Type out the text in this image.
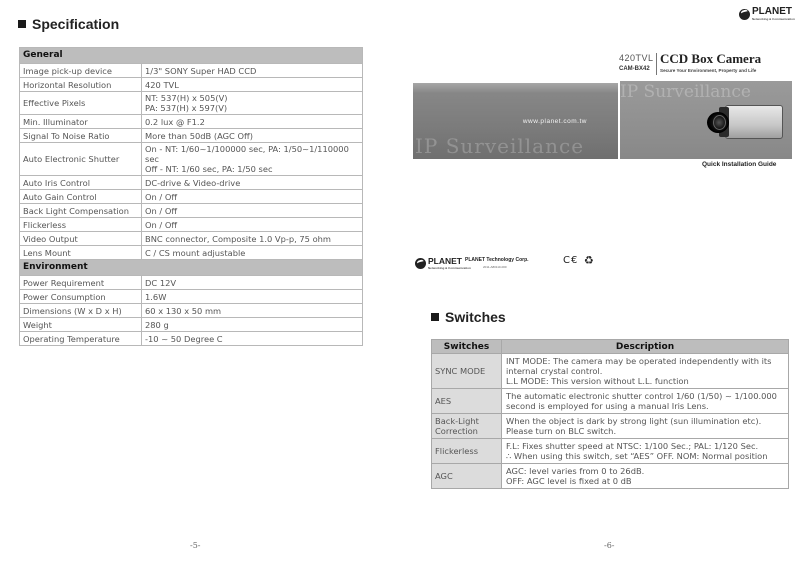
Specification
General	
Image pick-up device	1/3" SONY Super HAD CCD

Horizontal Resolution	420 TVL

Effective Pixels	NT: 537(H) x 505(V)
PA: 537(H) x 597(V)

Min. Illuminator	0.2 lux @ F1.2

Signal To Noise Ratio	More than 50dB (AGC Off)

Auto Electronic Shutter	On - NT: 1/60~1/100000 sec, PA: 1/50~1/110000 sec
Off - NT: 1/60 sec, PA: 1/50 sec

Auto Iris Control	DC-drive & Video-drive

Auto Gain Control	On / Off

Back Light Compensation	On / Off

Flickerless	On / Off

Video Output	BNC connector, Composite 1.0 Vp-p, 75 ohm

Lens Mount	C / CS mount adjustable

Environment	
Power Requirement	DC 12V

Power Consumption	1.6W

Dimensions (W x D x H)	60 x 130 x 50 mm

Weight	280 g

Operating Temperature	-10 ~ 50 Degree C
-5-
PLANET
Networking & Communication
420TVL
CAM-BX42
CCD Box Camera
Secure Your Environment, Property and Life
www.planet.com.tw
IP Surveillance
IP Surveillance
Quick Installation Guide
PLANET
Networking & Communication
PLANET Technology Corp.
2011-A80110-000
C€ ♻
Switches
Switches	Description
SYNC MODE	INT MODE: The camera may be operated independently with its internal crystal control.
L.L MODE: This version without L.L. function

AES	The automatic electronic shutter control 1/60 (1/50) ~ 1/100.000 second is employed for using a manual Iris Lens.

Back-Light Correction	When the object is dark by strong light (sun illumination etc).
Please turn on BLC switch.

Flickerless	F.L: Fixes shutter speed at NTSC: 1/100 Sec.; PAL: 1/120 Sec.
∴ When using this switch, set “AES” OFF. NOM: Normal position

AGC	AGC: level varies from 0 to 26dB.
OFF: AGC level is fixed at 0 dB
-6-
